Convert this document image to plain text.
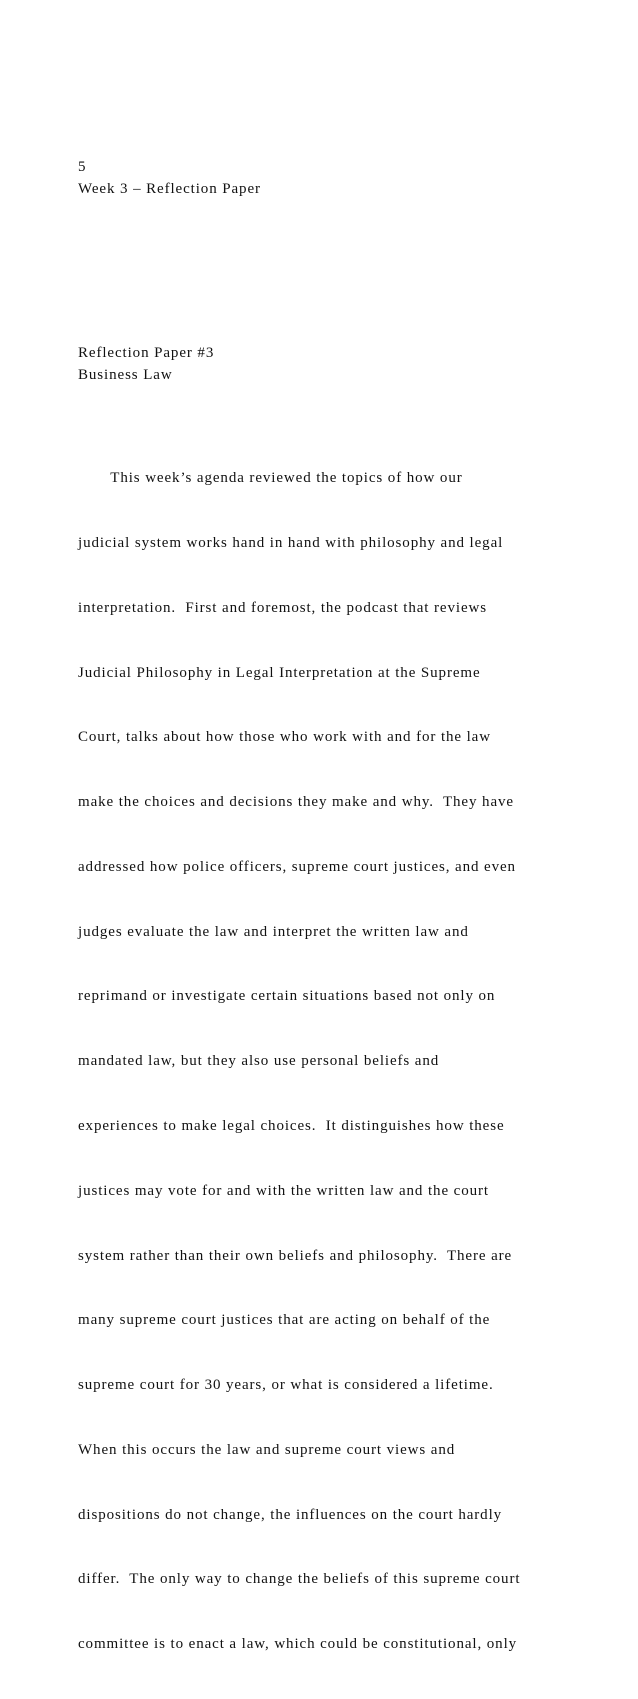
5
Week 3 – Reflection Paper
Reflection Paper #3
Business Law

This week’s agenda reviewed the topics of how our

judicial system works hand in hand with philosophy and legal

interpretation.  First and foremost, the podcast that reviews

Judicial Philosophy in Legal Interpretation at the Supreme

Court, talks about how those who work with and for the law

make the choices and decisions they make and why.  They have

addressed how police officers, supreme court justices, and even

judges evaluate the law and interpret the written law and

reprimand or investigate certain situations based not only on

mandated law, but they also use personal beliefs and

experiences to make legal choices.  It distinguishes how these

justices may vote for and with the written law and the court

system rather than their own beliefs and philosophy.  There are

many supreme court justices that are acting on behalf of the

supreme court for 30 years, or what is considered a lifetime.

When this occurs the law and supreme court views and

dispositions do not change, the influences on the court hardly

differ.  The only way to change the beliefs of this supreme court

committee is to enact a law, which could be constitutional, only
